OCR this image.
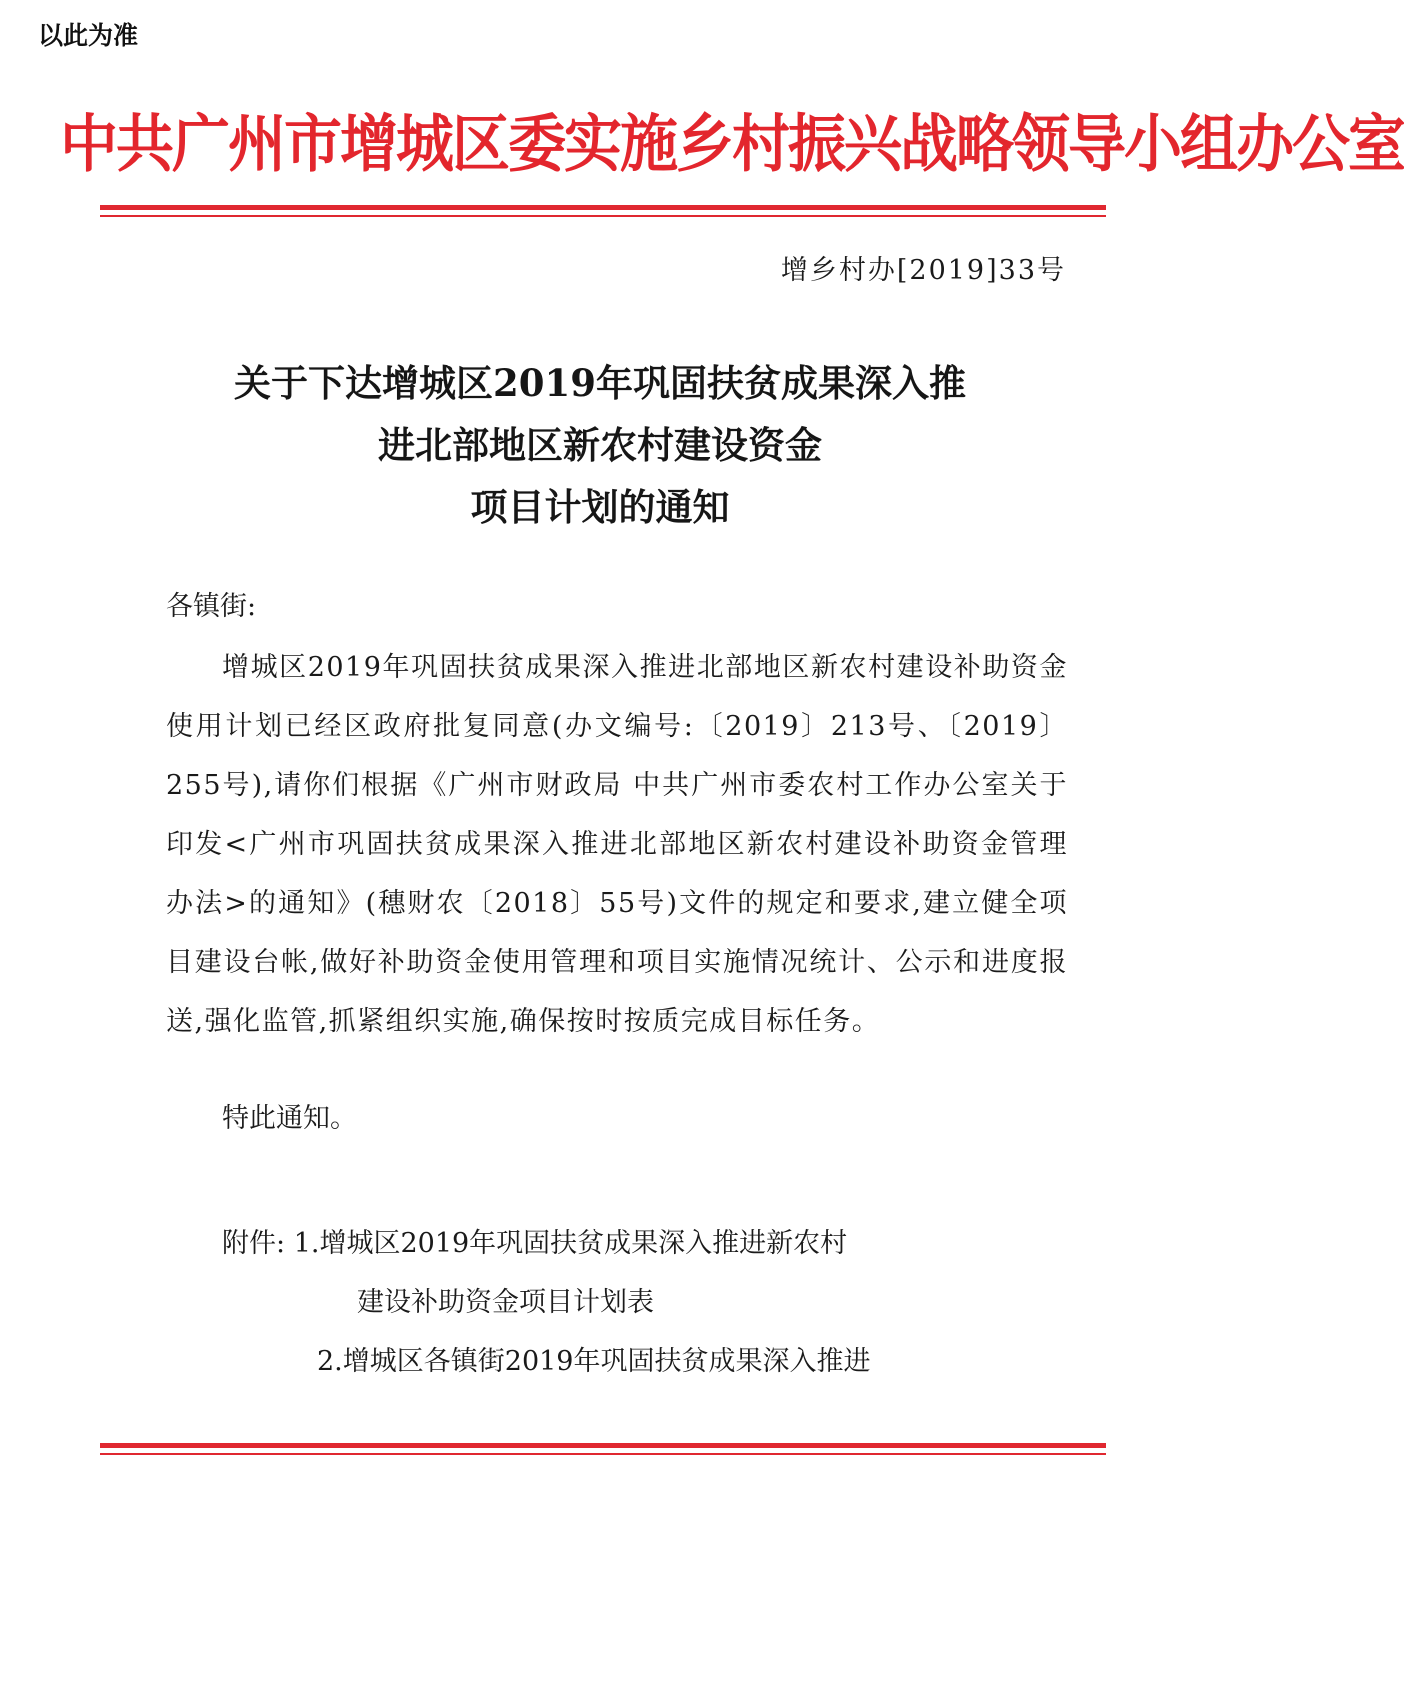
以此为准
中共广州市增城区委实施乡村振兴战略领导小组办公室
增乡村办[2019]33号
关于下达增城区2019年巩固扶贫成果深入推
进北部地区新农村建设资金
项目计划的通知
各镇街:
增城区2019年巩固扶贫成果深入推进北部地区新农村建设补助资金使用计划已经区政府批复同意(办文编号:〔2019〕213号、〔2019〕255号),请你们根据《广州市财政局 中共广州市委农村工作办公室关于印发<广州市巩固扶贫成果深入推进北部地区新农村建设补助资金管理办法>的通知》(穗财农〔2018〕55号)文件的规定和要求,建立健全项目建设台帐,做好补助资金使用管理和项目实施情况统计、公示和进度报送,强化监管,抓紧组织实施,确保按时按质完成目标任务。
特此通知。
附件: 1.增城区2019年巩固扶贫成果深入推进新农村
建设补助资金项目计划表
2.增城区各镇街2019年巩固扶贫成果深入推进
